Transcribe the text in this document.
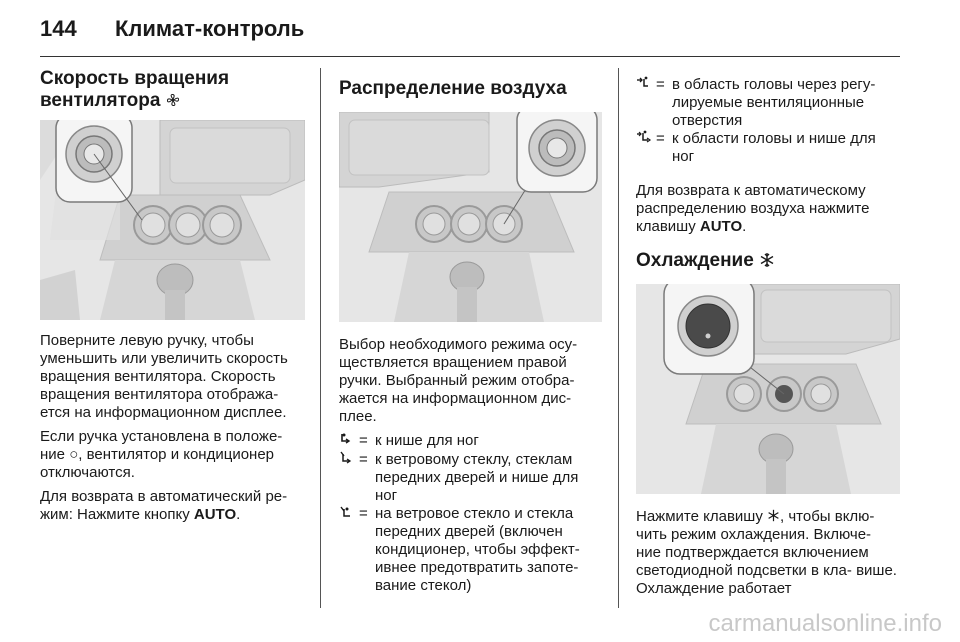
144 Климат-контроль
Скорость вращения
вентилятора

Поверните левую ручку, чтобы уменьшить или увеличить скорость вращения вентилятора. Скорость вращения вентилятора отобража- ется на информационном дисплее.

Если ручка установлена в положе- ние ○, вентилятор и кондиционер отключаются.

Для возврата в автоматический ре- жим: Нажмите кнопку AUTO.

Распределение воздуха

Выбор необходимого режима осу- ществляется вращением правой ручки. Выбранный режим отобра- жается на информационном дис- плее.

= к нише для ног
= к ветровому стеклу, стеклам передних дверей и нише для ног
= на ветровое стекло и стекла передних дверей (включен кондиционер, чтобы эффект- ивнее предотвратить запоте- вание стекол)
= в область головы через регу- лируемые вентиляционные отверстия
= к области головы и нише для ног

Для возврата к автоматическому распределению воздуха нажмите клавишу AUTO.

Охлаждение

Нажмите клавишу , чтобы вклю- чить режим охлаждения. Включе- ние подтверждается включением светодиодной подсветки в кла- више. Охлаждение работает

carmanualsonline.info
